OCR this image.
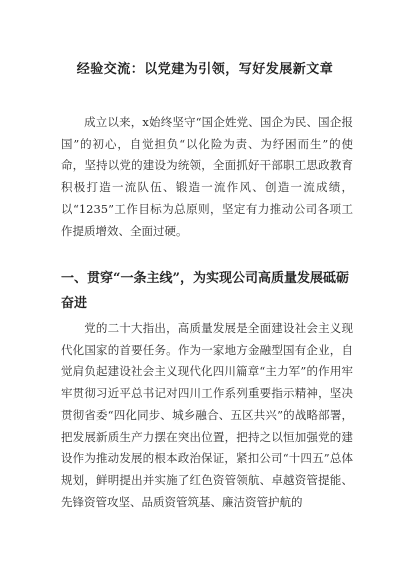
经验交流：以党建为引领，写好发展新文章
成立以来，x始终坚守“国企姓党、国企为民、国企报国”的初心，自觉担负“以化险为责、为纾困而生”的使命，坚持以党的建设为统领，全面抓好干部职工思政教育积极打造一流队伍、锻造一流作风、创造一流成绩，以“1235”工作目标为总原则，坚定有力推动公司各项工作提质增效、全面过硬。
一、贯穿“一条主线”，为实现公司高质量发展砥砺奋进
党的二十大指出，高质量发展是全面建设社会主义现代化国家的首要任务。作为一家地方金融型国有企业，自觉肩负起建设社会主义现代化四川篇章“主力军”的作用牢牢贯彻习近平总书记对四川工作系列重要指示精神，坚决贯彻省委“四化同步、城乡融合、五区共兴”的战略部署，把发展新质生产力摆在突出位置，把持之以恒加强党的建设作为推动发展的根本政治保证，紧扣公司“十四五”总体规划，鲜明提出并实施了红色资管领航、卓越资管提能、先锋资管攻坚、品质资管筑基、廉洁资管护航的
